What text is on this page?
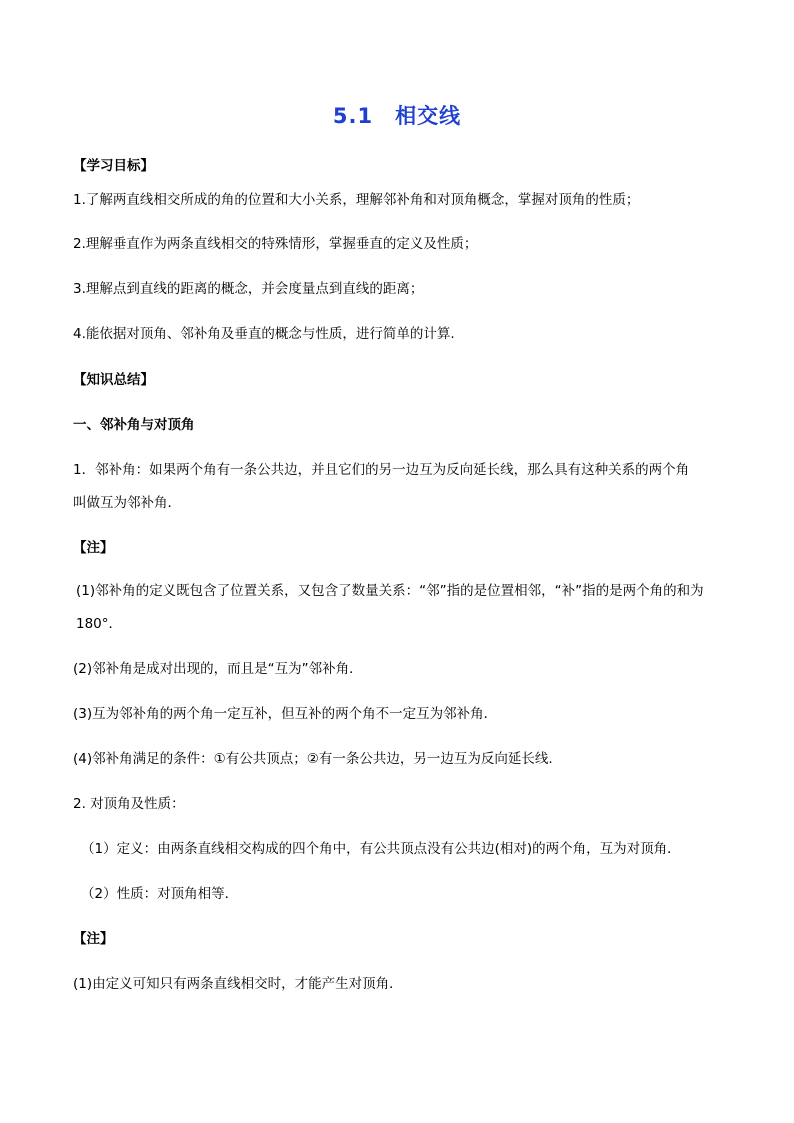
5.1 相交线
【学习目标】
1.了解两直线相交所成的角的位置和大小关系，理解邻补角和对顶角概念，掌握对顶角的性质；
2.理解垂直作为两条直线相交的特殊情形，掌握垂直的定义及性质；
3.理解点到直线的距离的概念，并会度量点到直线的距离；
4.能依据对顶角、邻补角及垂直的概念与性质，进行简单的计算.
【知识总结】
一、邻补角与对顶角
1．邻补角：如果两个角有一条公共边，并且它们的另一边互为反向延长线，那么具有这种关系的两个角
叫做互为邻补角．
【注】
(1)邻补角的定义既包含了位置关系，又包含了数量关系：“邻”指的是位置相邻，“补”指的是两个角的和为
180°．
(2)邻补角是成对出现的，而且是“互为”邻补角．
(3)互为邻补角的两个角一定互补，但互补的两个角不一定互为邻补角．
(4)邻补角满足的条件：①有公共顶点；②有一条公共边，另一边互为反向延长线.
2. 对顶角及性质：
（1）定义：由两条直线相交构成的四个角中，有公共顶点没有公共边(相对)的两个角，互为对顶角．
（2）性质：对顶角相等．
【注】
(1)由定义可知只有两条直线相交时，才能产生对顶角．
